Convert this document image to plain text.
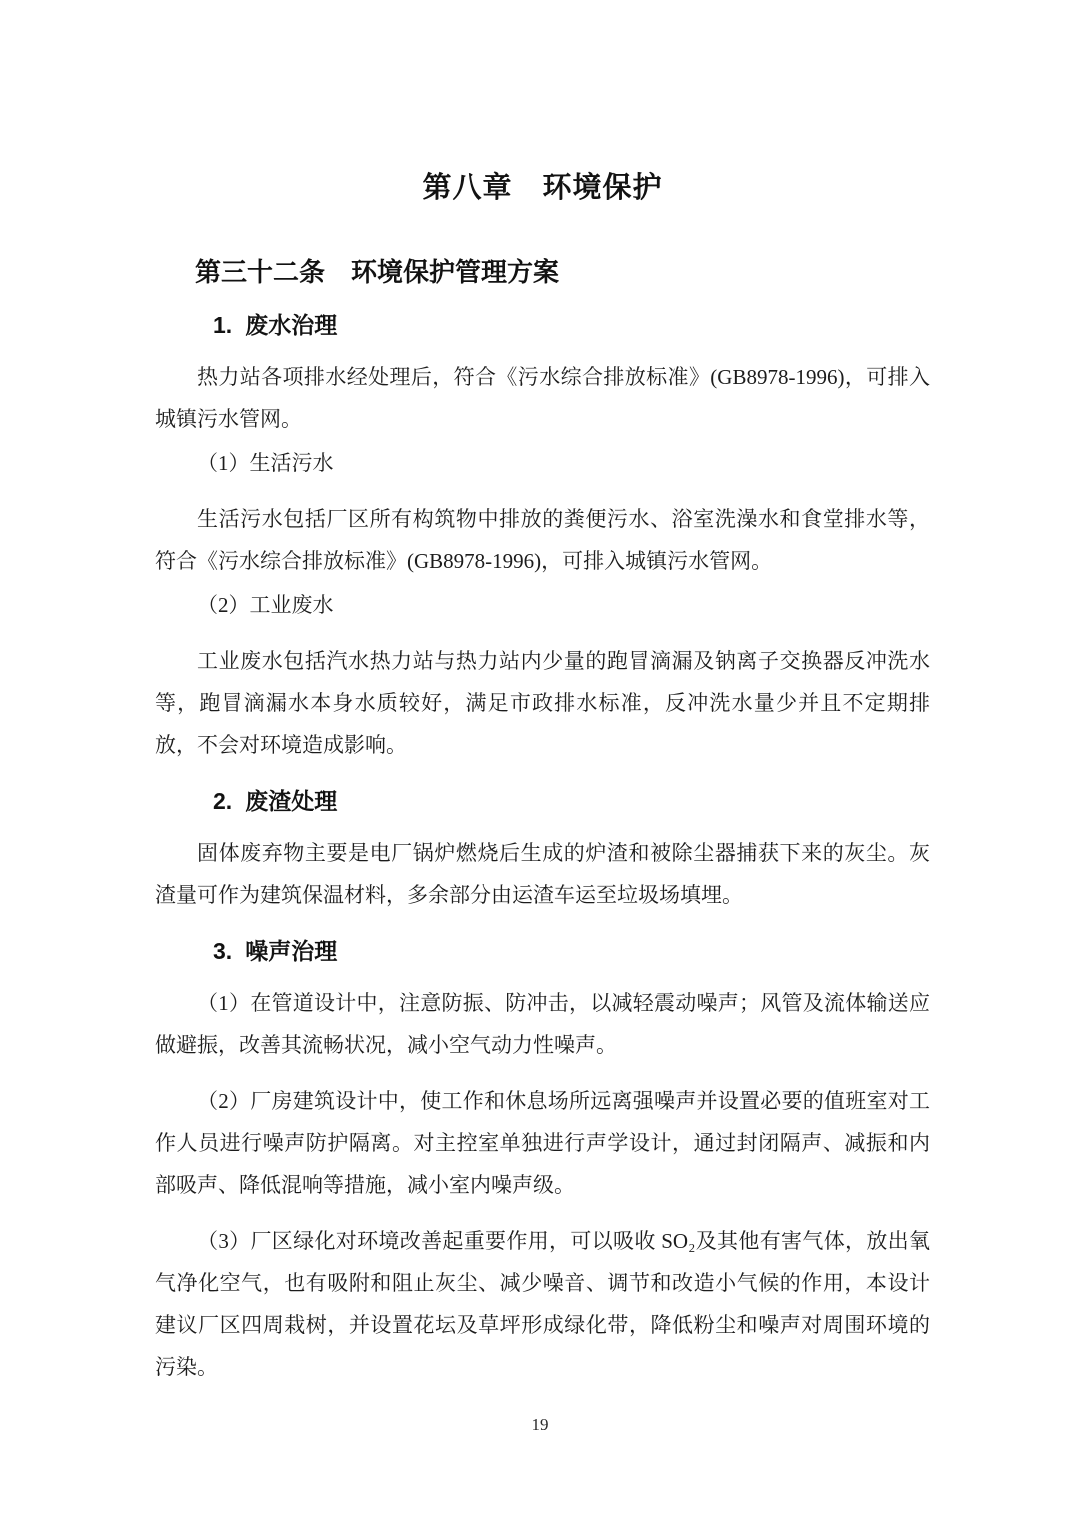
第八章　环境保护
第三十二条　环境保护管理方案
1. 废水治理

热力站各项排水经处理后，符合《污水综合排放标准》(GB8978-1996)，可排入城镇污水管网。

（1）生活污水

生活污水包括厂区所有构筑物中排放的粪便污水、浴室洗澡水和食堂排水等，符合《污水综合排放标准》(GB8978-1996)，可排入城镇污水管网。

（2）工业废水

工业废水包括汽水热力站与热力站内少量的跑冒滴漏及钠离子交换器反冲洗水等，跑冒滴漏水本身水质较好，满足市政排水标准，反冲洗水量少并且不定期排放，不会对环境造成影响。

2. 废渣处理

固体废弃物主要是电厂锅炉燃烧后生成的炉渣和被除尘器捕获下来的灰尘。灰渣量可作为建筑保温材料，多余部分由运渣车运至垃圾场填埋。

3. 噪声治理

（1）在管道设计中，注意防振、防冲击，以减轻震动噪声；风管及流体输送应做避振，改善其流畅状况，减小空气动力性噪声。

（2）厂房建筑设计中，使工作和休息场所远离强噪声并设置必要的值班室对工作人员进行噪声防护隔离。对主控室单独进行声学设计，通过封闭隔声、减振和内部吸声、降低混响等措施，减小室内噪声级。

（3）厂区绿化对环境改善起重要作用，可以吸收 SO₂及其他有害气体，放出氧气净化空气，也有吸附和阻止灰尘、减少噪音、调节和改造小气候的作用，本设计建议厂区四周栽树，并设置花坛及草坪形成绿化带，降低粉尘和噪声对周围环境的污染。

19
